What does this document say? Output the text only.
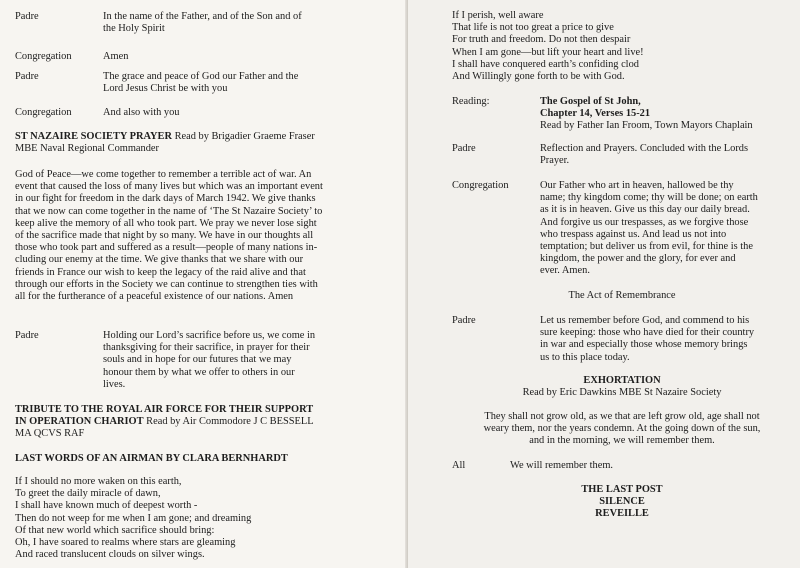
Padre	In the name of the Father, and of the Son and of
the Holy Spirit
Congregation	Amen
Padre	The grace and peace of God our Father and the
Lord Jesus Christ be with you
Congregation	And also with you
ST NAZAIRE SOCIETY PRAYER Read by Brigadier Graeme Fraser
MBE Naval Regional Commander
God of Peace—we come together to remember a terrible act of war. An
event that caused the loss of many lives but which was an important event
in our fight for freedom in the dark days of March 1942. We give thanks
that we now can come together in the name of ‘The St Nazaire Society’ to
keep alive the memory of all who took part. We pray we never lose sight
of the sacrifice made that night by so many. We have in our thoughts all
those who took part and suffered as a result—people of many nations in-
cluding our enemy at the time. We give thanks that we share with our
friends in France our wish to keep the legacy of the raid alive and that
through our efforts in the Society we can continue to strengthen ties with
all for the furtherance of a peaceful existence of our nations. Amen
Padre	Holding our Lord’s sacrifice before us, we come in
thanksgiving for their sacrifice, in prayer for their
souls and in hope for our futures that we may
honour them by what we offer to others in our
lives.
TRIBUTE TO THE ROYAL AIR FORCE FOR THEIR SUPPORT
IN OPERATION CHARIOT Read by Air Commodore J C BESSELL
MA QCVS RAF
LAST WORDS OF AN AIRMAN BY CLARA BERNHARDT
If I should no more waken on this earth,
To greet the daily miracle of dawn,
I shall have known much of deepest worth -
Then do not weep for me when I am gone; and dreaming
Of that new world which sacrifice should bring:
Oh, I have soared to realms where stars are gleaming
And raced translucent clouds on silver wings.
If I perish, well aware
That life is not too great a price to give
For truth and freedom. Do not then despair
When I am gone—but lift your heart and live!
I shall have conquered earth’s confiding clod
And Willingly gone forth to be with God.
Reading:	The Gospel of St John,
Chapter 14, Verses 15-21
Read by Father Ian Froom, Town Mayors Chaplain
Padre	Reflection and Prayers. Concluded with the Lords
Prayer.
Congregation	Our Father who art in heaven, hallowed be thy
name; thy kingdom come; thy will be done; on earth
as it is in heaven. Give us this day our daily bread.
And forgive us our trespasses, as we forgive those
who trespass against us. And lead us not into
temptation; but deliver us from evil, for thine is the
kingdom, the power and the glory, for ever and
ever. Amen.
The Act of Remembrance
Padre	Let us remember before God, and commend to his
sure keeping: those who have died for their country
in war and especially those whose memory brings
us to this place today.
EXHORTATION
Read by Eric Dawkins MBE St Nazaire Society
They shall not grow old, as we that are left grow old, age shall not
weary them, nor the years condemn. At the going down of the sun,
and in the morning, we will remember them.
All	We will remember them.
THE LAST POST
SILENCE
REVEILLE
